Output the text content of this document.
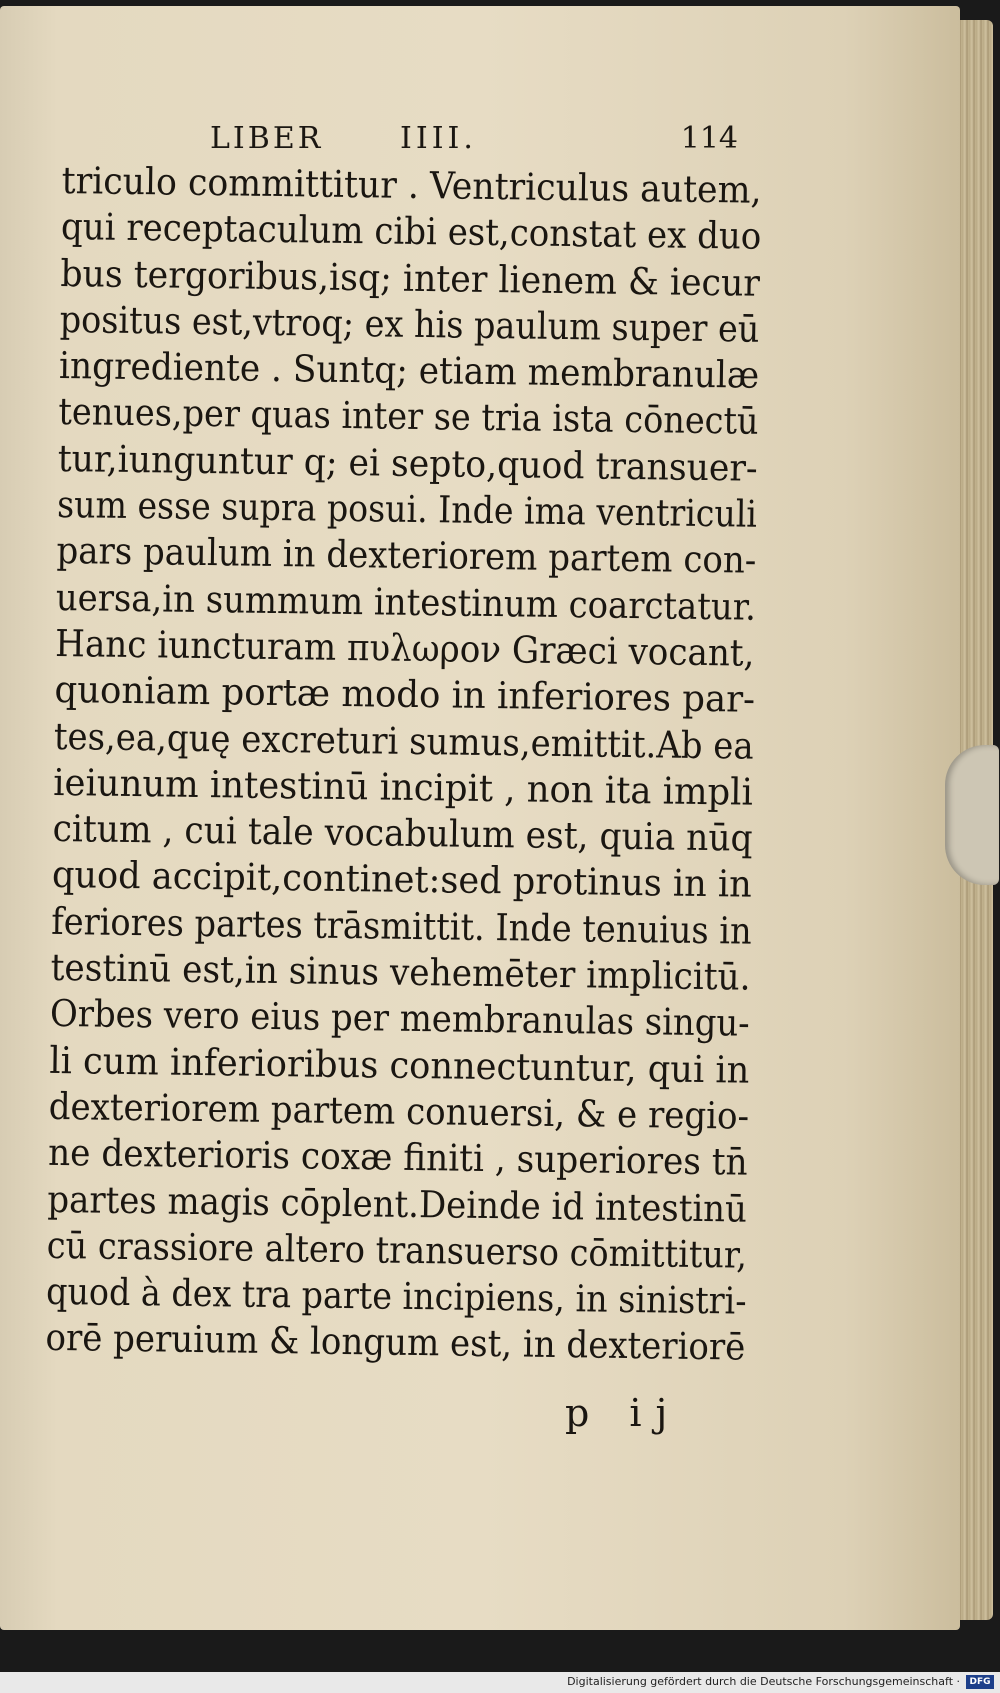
LIBER	IIII.	114
triculo committitur . Ventriculus autem,
qui receptaculum cibi est,constat ex duo
bus tergoribus,isq; inter lienem & iecur
positus est,vtroq; ex his paulum super eū
ingrediente . Suntq; etiam membranulæ
tenues,per quas inter se tria ista cōnectū
tur,iunguntur q; ei septo,quod transuer-
sum esse supra posui. Inde ima ventriculi
pars paulum in dexteriorem partem con-
uersa,in summum intestinum coarctatur.
Hanc iuncturam πυλωρον Græci vocant,
quoniam portæ modo in inferiores par-
tes,ea,quę excreturi sumus,emittit.Ab ea
ieiunum intestinū incipit , non ita impli
citum , cui tale vocabulum est, quia nūq
quod accipit,continet:sed protinus in in
feriores partes trāsmittit. Inde tenuius in
testinū est,in sinus vehemēter implicitū.
Orbes vero eius per membranulas singu-
li cum inferioribus connectuntur, qui in
dexteriorem partem conuersi, & e regio-
ne dexterioris coxæ finiti , superiores tn̄
partes magis cōplent.Deinde id intestinū
cū crassiore altero transuerso cōmittitur,
quod à dex tra parte incipiens, in sinistri-
orē peruium & longum est, in dexteriorē
p ij
Digitalisierung gefördert durch die Deutsche Forschungsgemeinschaft ·	DFG
